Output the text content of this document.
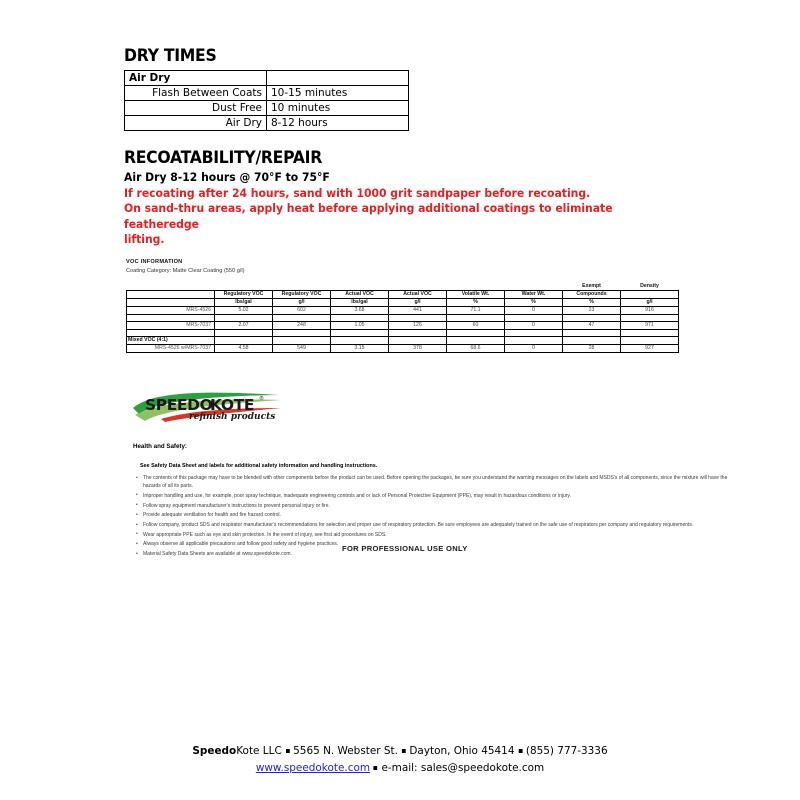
DRY TIMES
Air Dry	
Flash Between Coats	10-15 minutes
Dust Free	10 minutes
Air Dry	8-12 hours
RECOATABILITY/REPAIR
Air Dry 8-12 hours @ 70°F to 75°F
If recoating after 24 hours, sand with 1000 grit sandpaper before recoating.
On sand-thru areas, apply heat before applying additional coatings to eliminate featheredge
lifting.
VOC INFORMATION
Coating Category: Matte Clear Coating (550 g/l)
							Exempt	Density
	Regulatory VOC	Regulatory VOC	Actual VOC	Actual VOC	Volatile Wt.	Water Wt.	Compounds	
	lbs/gal	g/l	lbs/gal	g/l	%	%	%	g/l
MRS-4526	5.02	602	3.68	441	71.1	0	23	916

MRS-7037	2.07	248	1.05	126	60	0	47	971

Mixed VOC (4:1)								
MRS-4526 w/MRS-7037	4.58	549	3.15	378	68.6	0	28	927
SPEEDO
KOTE ®
refinish products
Health and Safety:
See Safety Data Sheet and labels for additional safety information and handling instructions.
• The contents of this package may have to be blended with other components before the product can be used. Before opening the packages, be sure you understand the warning messages on the labels and MSDS's of all components, since the mixture will have the hazards of all its parts.
• Improper handling and use, for example, poor spray technique, inadequate engineering controls and or lack of Personal Protective Equipment (PPE), may result in hazardous conditions or injury.
• Follow spray equipment manufacturer's instructions to prevent personal injury or fire.
• Provide adequate ventilation for health and fire hazard control.
• Follow company, product SDS and respirator manufacturer's recommendations for selection and proper use of respiratory protection. Be sure employees are adequately trained on the safe use of respirators per company and regulatory requirements.
• Wear appropriate PPE such as eye and skin protection. In the event of injury, see first aid procedures on SDS.
• Always observe all applicable precautions and follow good safety and hygiene practices.
• Material Safety Data Sheets are available at www.speedokote.com.
FOR PROFESSIONAL USE ONLY
SpeedoKote LLC 5565 N. Webster St. Dayton, Ohio 45414 (855) 777-3336
www.speedokote.com e-mail: sales@speedokote.com
